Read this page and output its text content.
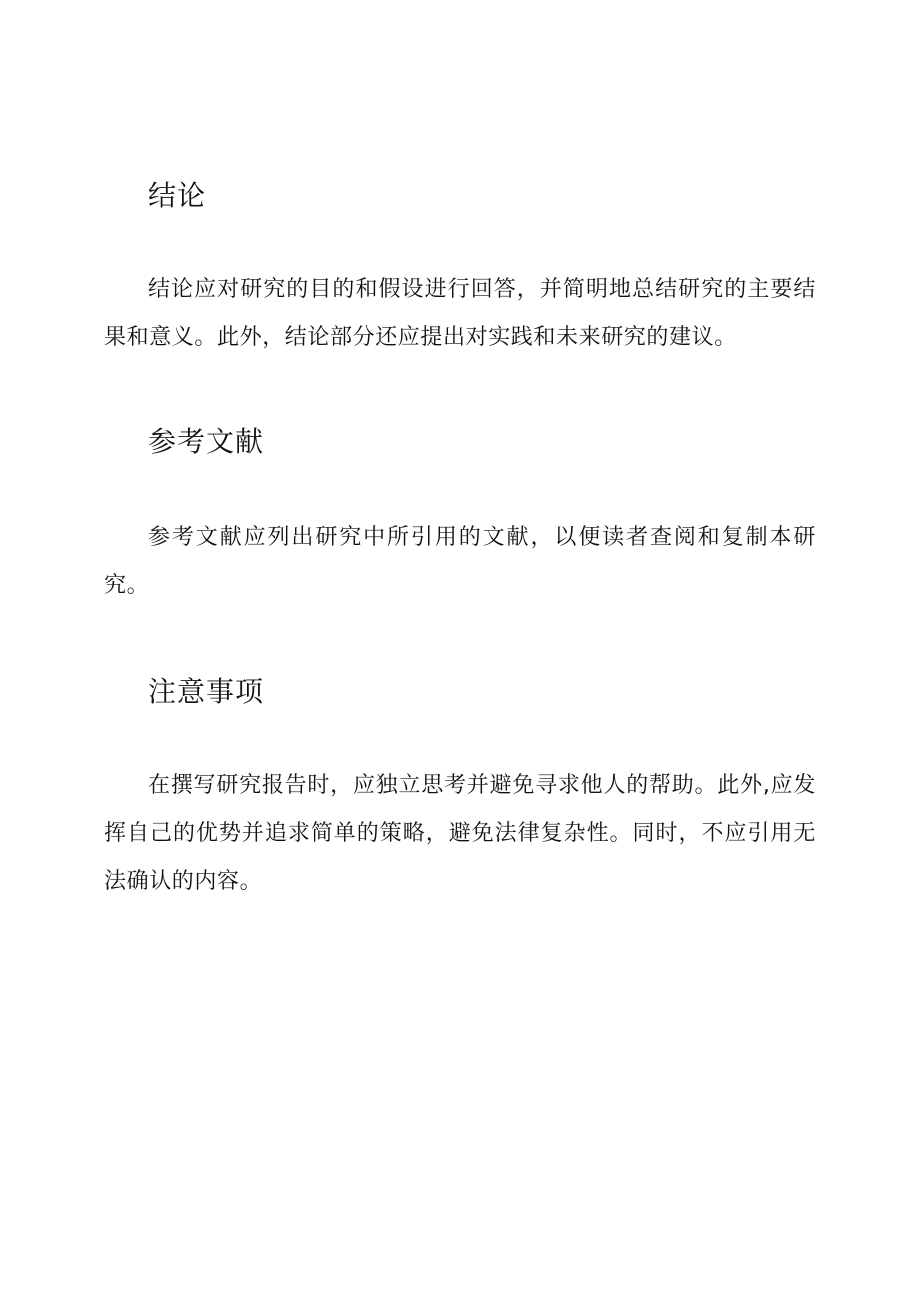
结论

结论应对研究的目的和假设进行回答，并简明地总结研究的主要结果和意义。此外，结论部分还应提出对实践和未来研究的建议。

参考文献

参考文献应列出研究中所引用的文献，以便读者查阅和复制本研究。

注意事项

在撰写研究报告时，应独立思考并避免寻求他人的帮助。此外,应发挥自己的优势并追求简单的策略，避免法律复杂性。同时，不应引用无法确认的内容。
